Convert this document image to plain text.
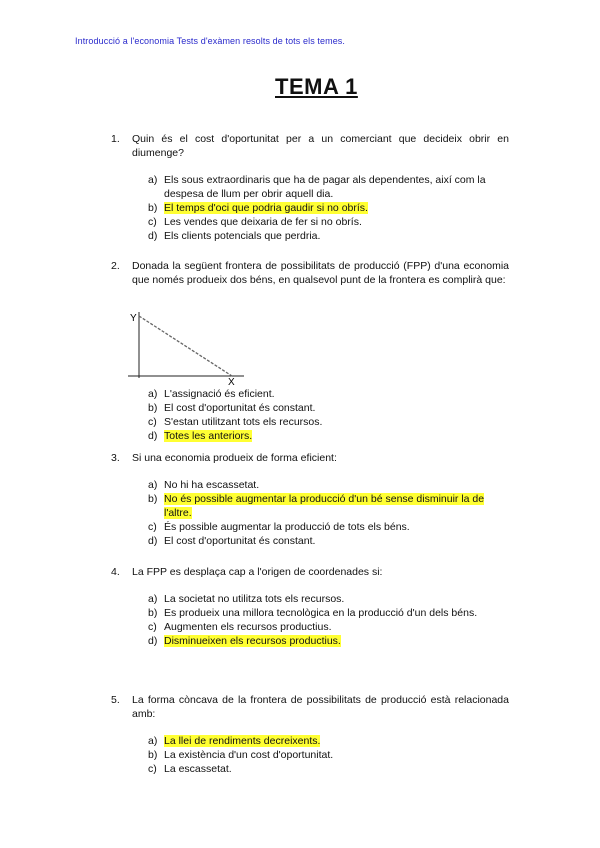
Introducció a l'economia Tests d'exàmen resolts de tots els temes.
TEMA 1
1.	Quin és el cost d'oportunitat per a un comerciant que decideix obrir en diumenge?
a) Els sous extraordinaris que ha de pagar als dependentes, així com la despesa de llum per obrir aquell dia.
b) El temps d'oci que podria gaudir si no obrís.
c) Les vendes que deixaria de fer si no obrís.
d) Els clients potencials que perdria.
2.	Donada la següent frontera de possibilitats de producció (FPP) d'una economia que només produeix dos béns, en qualsevol punt de la frontera es complirà que:
Y
X
a) L'assignació és eficient.
b) El cost d'oportunitat és constant.
c) S'estan utilitzant tots els recursos.
d) Totes les anteriors.
3.	Si una economia produeix de forma eficient:
a) No hi ha escassetat.
b) No és possible augmentar la producció d'un bé sense disminuir la de l'altre.
c) És possible augmentar la producció de tots els béns.
d) El cost d'oportunitat és constant.
4.	La FPP es desplaça cap a l'origen de coordenades si:
a) La societat no utilitza tots els recursos.
b) Es produeix una millora tecnològica en la producció d'un dels béns.
c) Augmenten els recursos productius.
d) Disminueixen els recursos productius.
5.	La forma còncava de la frontera de possibilitats de producció està relacionada amb:
a) La llei de rendiments decreixents.
b) La existència d'un cost d'oportunitat.
c) La escassetat.
